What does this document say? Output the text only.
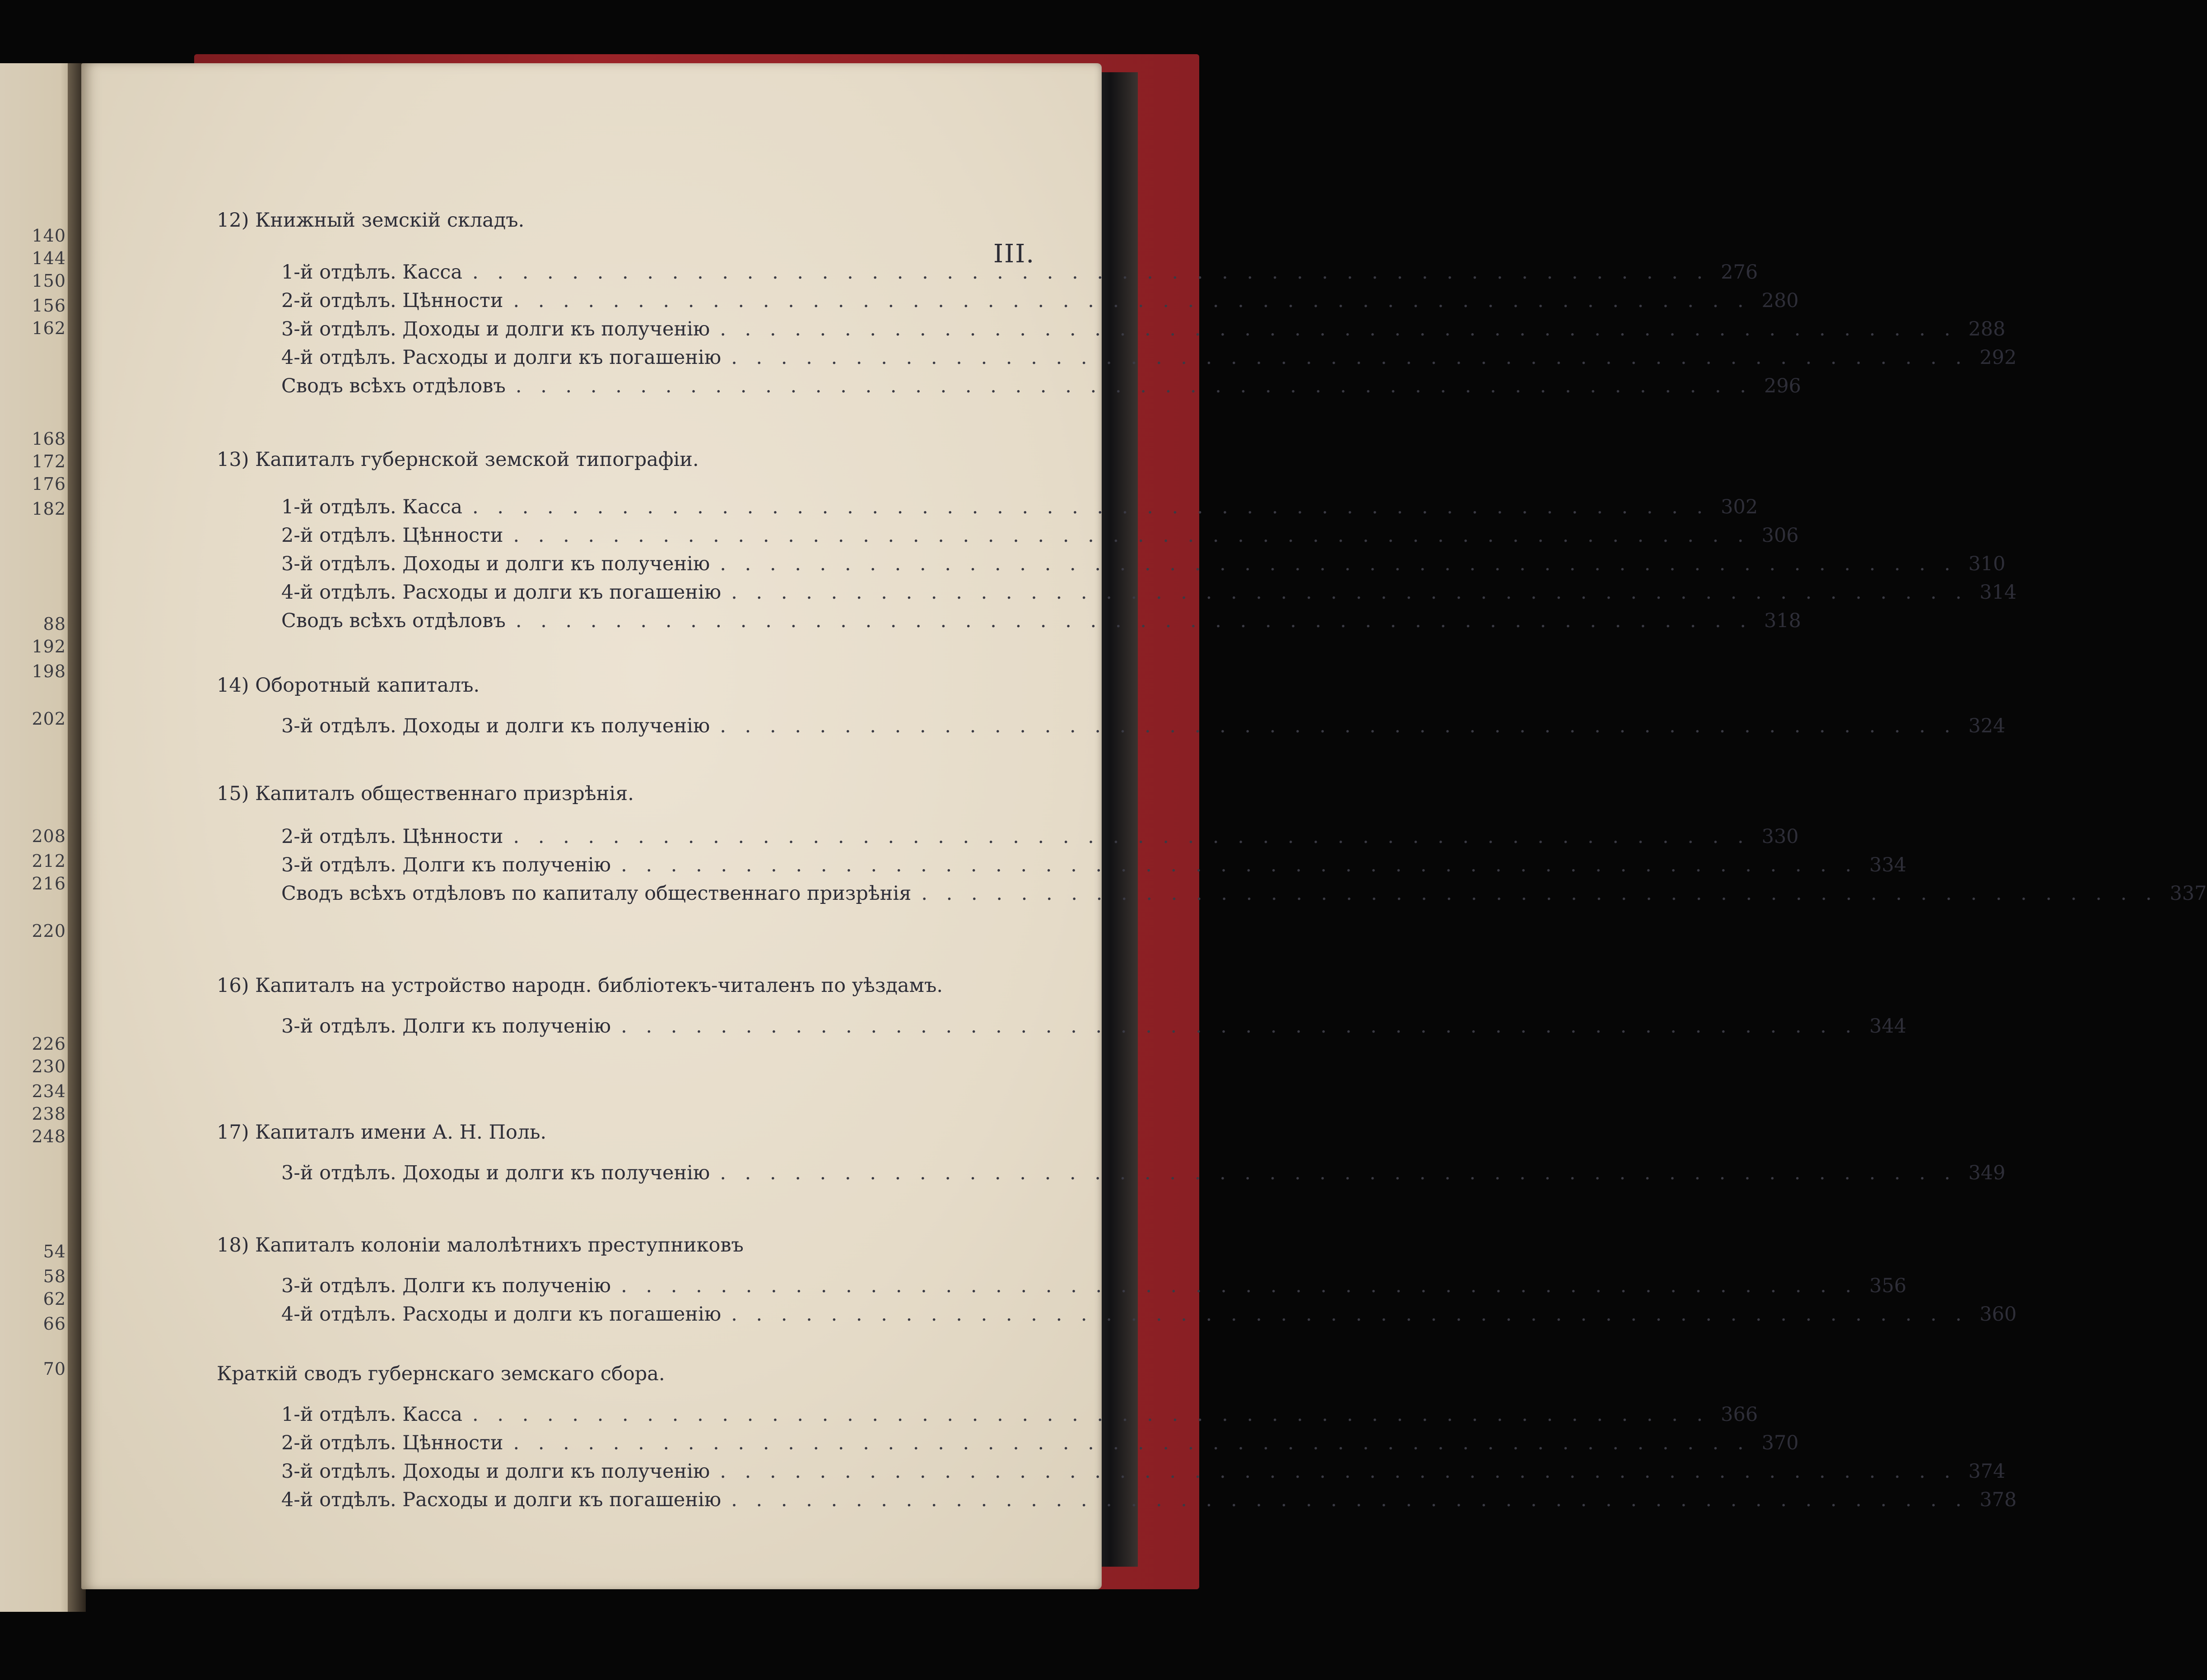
140
144
150
156
162
168
172
176
182
88
192
198
202
208
212
216
220
226
230
234
238
248
54
58
62
66
70
III.
12) Книжный земскій складъ.
1-й отдѣлъ. Касса . . . . . . . . . . . . . . . . . . . . . . . . . . . . . . . . . . . . . . . . . . . . . . . . . . 276
2-й отдѣлъ. Цѣнности . . . . . . . . . . . . . . . . . . . . . . . . . . . . . . . . . . . . . . . . . . . . . . . . . . 280
3-й отдѣлъ. Доходы и долги къ полученію . . . . . . . . . . . . . . . . . . . . . . . . . . . . . . . . . . . . . . . . . . . . . . . . . . 288
4-й отдѣлъ. Расходы и долги къ погашенію . . . . . . . . . . . . . . . . . . . . . . . . . . . . . . . . . . . . . . . . . . . . . . . . . . 292
Сводъ всѣхъ отдѣловъ . . . . . . . . . . . . . . . . . . . . . . . . . . . . . . . . . . . . . . . . . . . . . . . . . . 296
13) Капиталъ губернской земской типографіи.
1-й отдѣлъ. Касса . . . . . . . . . . . . . . . . . . . . . . . . . . . . . . . . . . . . . . . . . . . . . . . . . . 302
2-й отдѣлъ. Цѣнности . . . . . . . . . . . . . . . . . . . . . . . . . . . . . . . . . . . . . . . . . . . . . . . . . . 306
3-й отдѣлъ. Доходы и долги къ полученію . . . . . . . . . . . . . . . . . . . . . . . . . . . . . . . . . . . . . . . . . . . . . . . . . . 310
4-й отдѣлъ. Расходы и долги къ погашенію . . . . . . . . . . . . . . . . . . . . . . . . . . . . . . . . . . . . . . . . . . . . . . . . . . 314
Сводъ всѣхъ отдѣловъ . . . . . . . . . . . . . . . . . . . . . . . . . . . . . . . . . . . . . . . . . . . . . . . . . . 318
14) Оборотный капиталъ.
3-й отдѣлъ. Доходы и долги къ полученію . . . . . . . . . . . . . . . . . . . . . . . . . . . . . . . . . . . . . . . . . . . . . . . . . . 324
15) Капиталъ общественнаго призрѣнія.
2-й отдѣлъ. Цѣнности . . . . . . . . . . . . . . . . . . . . . . . . . . . . . . . . . . . . . . . . . . . . . . . . . . 330
3-й отдѣлъ. Долги къ полученію . . . . . . . . . . . . . . . . . . . . . . . . . . . . . . . . . . . . . . . . . . . . . . . . . . 334
Сводъ всѣхъ отдѣловъ по капиталу общественнаго призрѣнія . . . . . . . . . . . . . . . . . . . . . . . . . . . . . . . . . . . . . . . . . . . . . . . . . . 337
16) Капиталъ на устройство народн. библіотекъ-читаленъ по уѣздамъ.
3-й отдѣлъ. Долги къ полученію . . . . . . . . . . . . . . . . . . . . . . . . . . . . . . . . . . . . . . . . . . . . . . . . . . 344
17) Капиталъ имени А. Н. Поль.
3-й отдѣлъ. Доходы и долги къ полученію . . . . . . . . . . . . . . . . . . . . . . . . . . . . . . . . . . . . . . . . . . . . . . . . . . 349
18) Капиталъ колоніи малолѣтнихъ преступниковъ
3-й отдѣлъ. Долги къ полученію . . . . . . . . . . . . . . . . . . . . . . . . . . . . . . . . . . . . . . . . . . . . . . . . . . 356
4-й отдѣлъ. Расходы и долги къ погашенію . . . . . . . . . . . . . . . . . . . . . . . . . . . . . . . . . . . . . . . . . . . . . . . . . . 360
Краткій сводъ губернскаго земскаго сбора.
1-й отдѣлъ. Касса . . . . . . . . . . . . . . . . . . . . . . . . . . . . . . . . . . . . . . . . . . . . . . . . . . 366
2-й отдѣлъ. Цѣнности . . . . . . . . . . . . . . . . . . . . . . . . . . . . . . . . . . . . . . . . . . . . . . . . . . 370
3-й отдѣлъ. Доходы и долги къ полученію . . . . . . . . . . . . . . . . . . . . . . . . . . . . . . . . . . . . . . . . . . . . . . . . . . 374
4-й отдѣлъ. Расходы и долги къ погашенію . . . . . . . . . . . . . . . . . . . . . . . . . . . . . . . . . . . . . . . . . . . . . . . . . . 378
